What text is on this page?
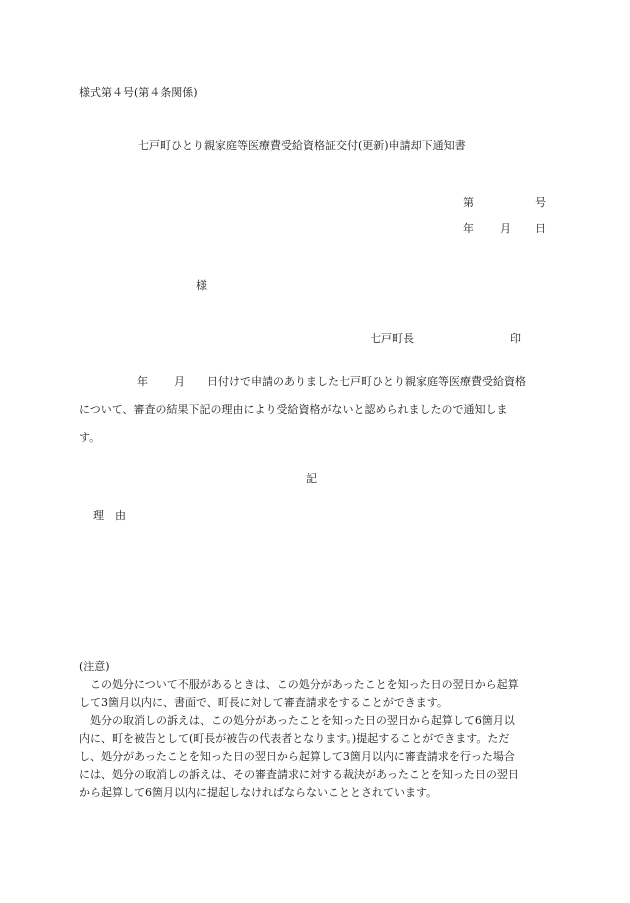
様式第４号(第４条関係)
七戸町ひとり親家庭等医療費受給資格証交付(更新)申請却下通知書
第	号
年 月 日
様
七戸町長	印
年 月 日付けで申請のありました七戸町ひとり親家庭等医療費受給資格
について、審査の結果下記の理由により受給資格がないと認められましたので通知しま
す。
記
理　由
(注意)
　この処分について不服があるときは、この処分があったことを知った日の翌日から起算
して3箇月以内に、書面で、町長に対して審査請求をすることができます。
　処分の取消しの訴えは、この処分があったことを知った日の翌日から起算して6箇月以
内に、町を被告として(町長が被告の代表者となります。)提起することができます。ただ
し、処分があったことを知った日の翌日から起算して3箇月以内に審査請求を行った場合
には、処分の取消しの訴えは、その審査請求に対する裁決があったことを知った日の翌日
から起算して6箇月以内に提起しなければならないこととされています。
